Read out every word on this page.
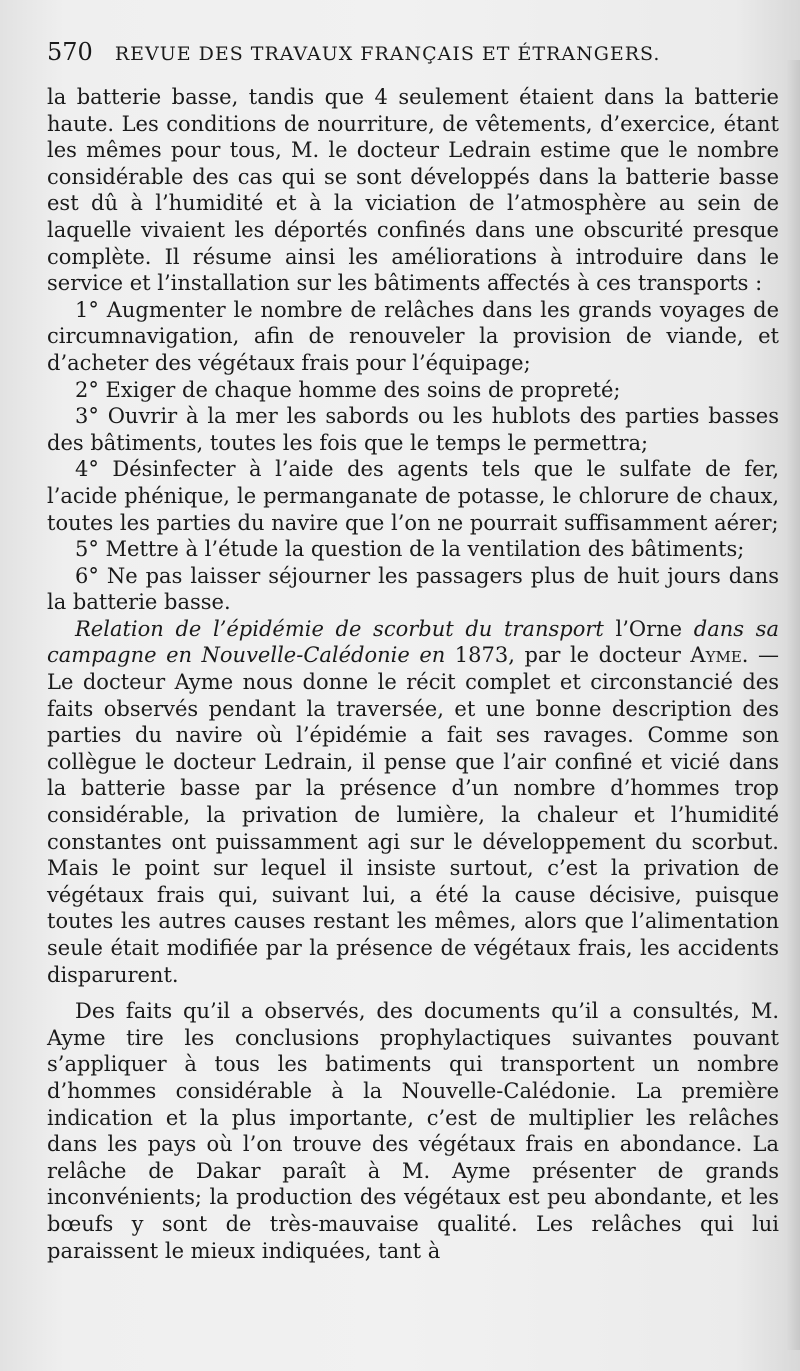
570 REVUE DES TRAVAUX FRANÇAIS ET ÉTRANGERS.

la batterie basse, tandis que 4 seulement étaient dans la batterie haute. Les conditions de nourriture, de vêtements, d’exercice, étant les mêmes pour tous, M. le docteur Ledrain estime que le nombre considérable des cas qui se sont développés dans la batterie basse est dû à l’humidité et à la viciation de l’atmosphère au sein de laquelle vivaient les déportés confinés dans une obscurité presque complète. Il résume ainsi les améliorations à introduire dans le service et l’installation sur les bâtiments affectés à ces transports :

1° Augmenter le nombre de relâches dans les grands voyages de circumnavigation, afin de renouveler la provision de viande, et d’acheter des végétaux frais pour l’équipage;

2° Exiger de chaque homme des soins de propreté;

3° Ouvrir à la mer les sabords ou les hublots des parties basses des bâtiments, toutes les fois que le temps le permettra;

4° Désinfecter à l’aide des agents tels que le sulfate de fer, l’acide phénique, le permanganate de potasse, le chlorure de chaux, toutes les parties du navire que l’on ne pourrait suffisamment aérer;

5° Mettre à l’étude la question de la ventilation des bâtiments;

6° Ne pas laisser séjourner les passagers plus de huit jours dans la batterie basse.

Relation de l’épidémie de scorbut du transport l’Orne dans sa campagne en Nouvelle-Calédonie en 1873, par le docteur Ayme. — Le docteur Ayme nous donne le récit complet et circonstancié des faits observés pendant la traversée, et une bonne description des parties du navire où l’épidémie a fait ses ravages. Comme son collègue le docteur Ledrain, il pense que l’air confiné et vicié dans la batterie basse par la présence d’un nombre d’hommes trop considérable, la privation de lumière, la chaleur et l’humidité constantes ont puissamment agi sur le développement du scorbut. Mais le point sur lequel il insiste surtout, c’est la privation de végétaux frais qui, suivant lui, a été la cause décisive, puisque toutes les autres causes restant les mêmes, alors que l’alimentation seule était modifiée par la présence de végétaux frais, les accidents disparurent.

Des faits qu’il a observés, des documents qu’il a consultés, M. Ayme tire les conclusions prophylactiques suivantes pouvant s’appliquer à tous les batiments qui transportent un nombre d’hommes considérable à la Nouvelle-Calédonie. La première indication et la plus importante, c’est de multiplier les relâches dans les pays où l’on trouve des végétaux frais en abondance. La relâche de Dakar paraît à M. Ayme présenter de grands inconvénients; la production des végétaux est peu abondante, et les bœufs y sont de très-mauvaise qualité. Les relâches qui lui paraissent le mieux indiquées, tant à
